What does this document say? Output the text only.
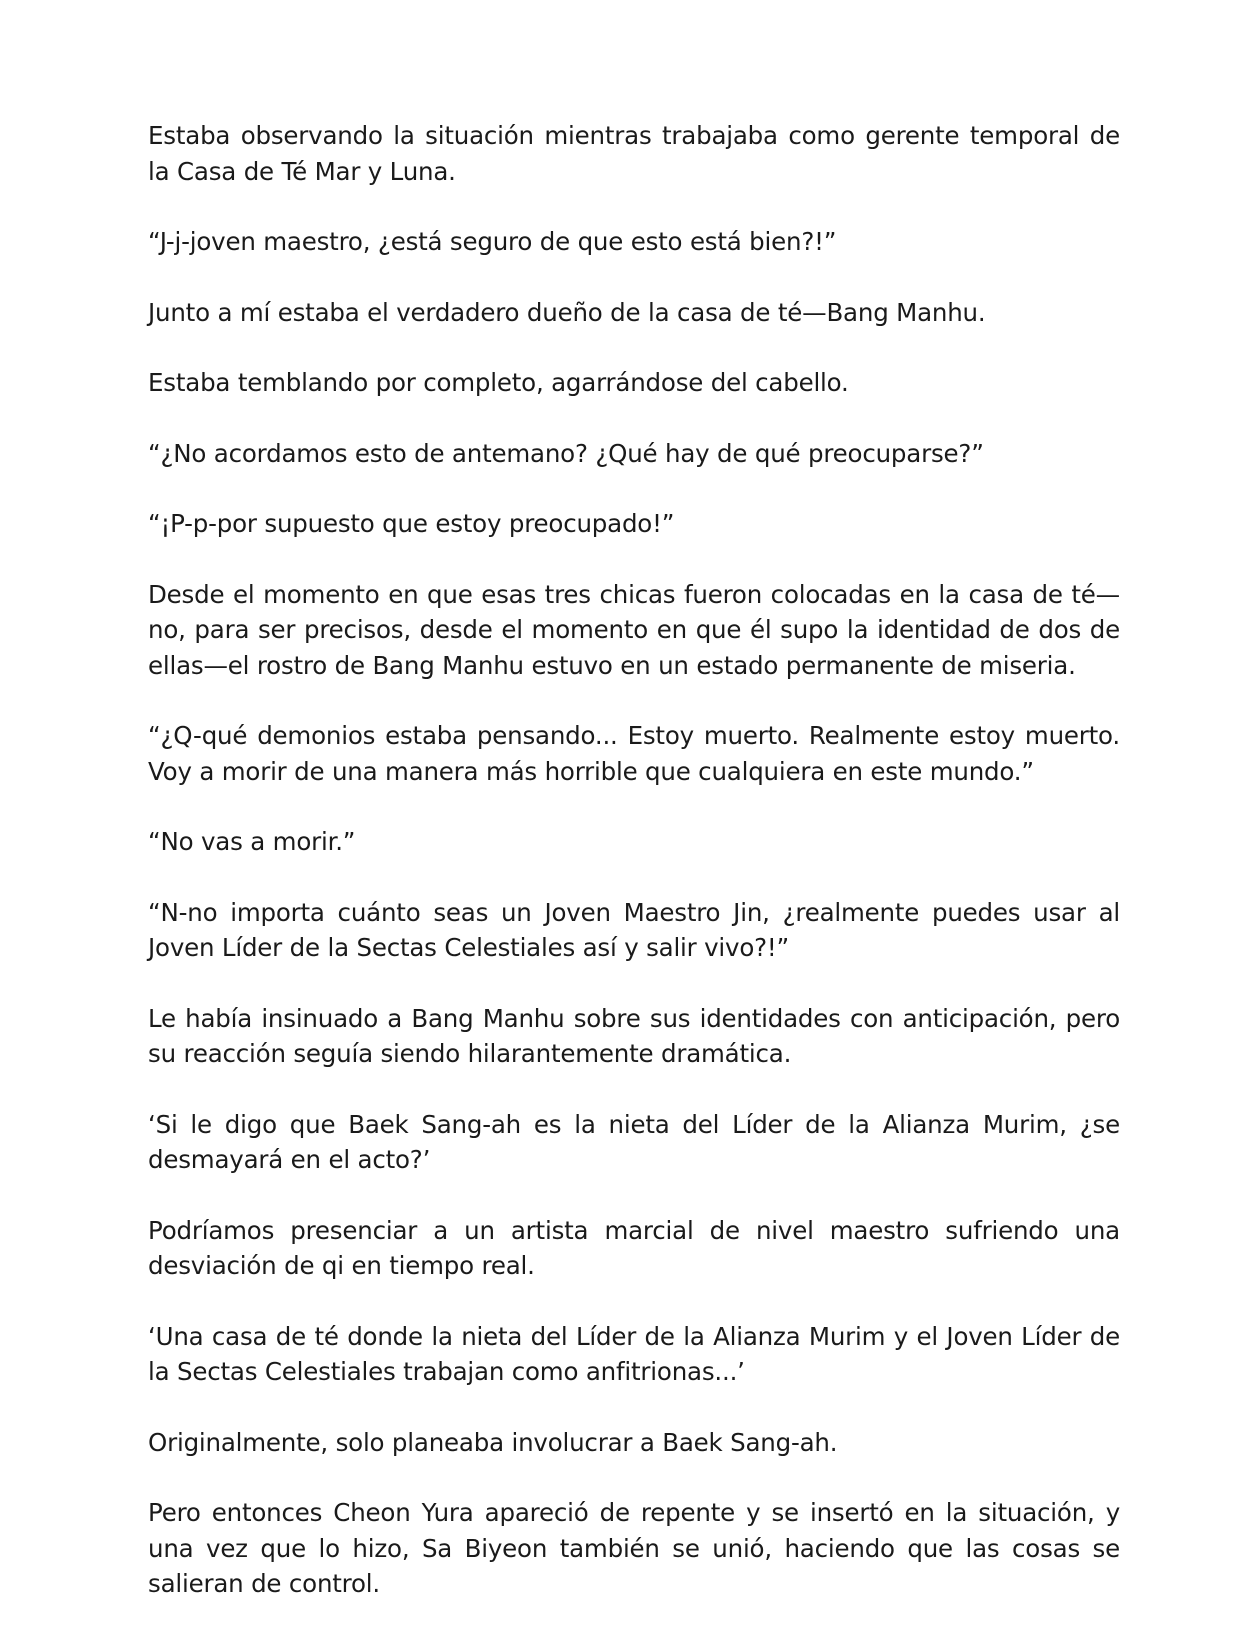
Estaba observando la situación mientras trabajaba como gerente temporal de la Casa de Té Mar y Luna.

“J-j-joven maestro, ¿está seguro de que esto está bien?!”

Junto a mí estaba el verdadero dueño de la casa de té—Bang Manhu.

Estaba temblando por completo, agarrándose del cabello.

“¿No acordamos esto de antemano? ¿Qué hay de qué preocuparse?”

“¡P-p-por supuesto que estoy preocupado!”

Desde el momento en que esas tres chicas fueron colocadas en la casa de té—no, para ser precisos, desde el momento en que él supo la identidad de dos de ellas—el rostro de Bang Manhu estuvo en un estado permanente de miseria.

“¿Q-qué demonios estaba pensando... Estoy muerto. Realmente estoy muerto. Voy a morir de una manera más horrible que cualquiera en este mundo.”

“No vas a morir.”

“N-no importa cuánto seas un Joven Maestro Jin, ¿realmente puedes usar al Joven Líder de la Sectas Celestiales así y salir vivo?!”

Le había insinuado a Bang Manhu sobre sus identidades con anticipación, pero su reacción seguía siendo hilarantemente dramática.

‘Si le digo que Baek Sang-ah es la nieta del Líder de la Alianza Murim, ¿se desmayará en el acto?’

Podríamos presenciar a un artista marcial de nivel maestro sufriendo una desviación de qi en tiempo real.

‘Una casa de té donde la nieta del Líder de la Alianza Murim y el Joven Líder de la Sectas Celestiales trabajan como anfitrionas...’

Originalmente, solo planeaba involucrar a Baek Sang-ah.

Pero entonces Cheon Yura apareció de repente y se insertó en la situación, y una vez que lo hizo, Sa Biyeon también se unió, haciendo que las cosas se salieran de control.
